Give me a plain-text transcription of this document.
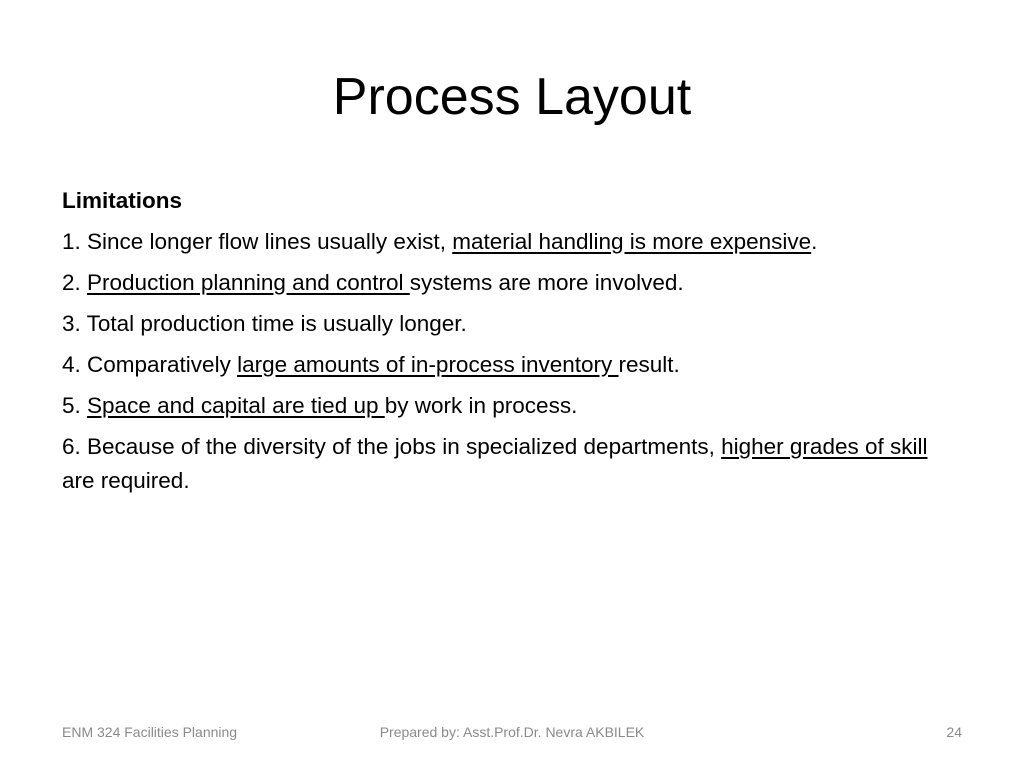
Process Layout
Limitations
1. Since longer flow lines usually exist, material handling is more expensive.
2. Production planning and control systems are more involved.
3. Total production time is usually longer.
4. Comparatively large amounts of in-process inventory result.
5. Space and capital are tied up by work in process.
6. Because of the diversity of the jobs in specialized departments, higher grades of skill are required.
ENM 324 Facilities Planning	Prepared by: Asst.Prof.Dr. Nevra AKBILEK	24
